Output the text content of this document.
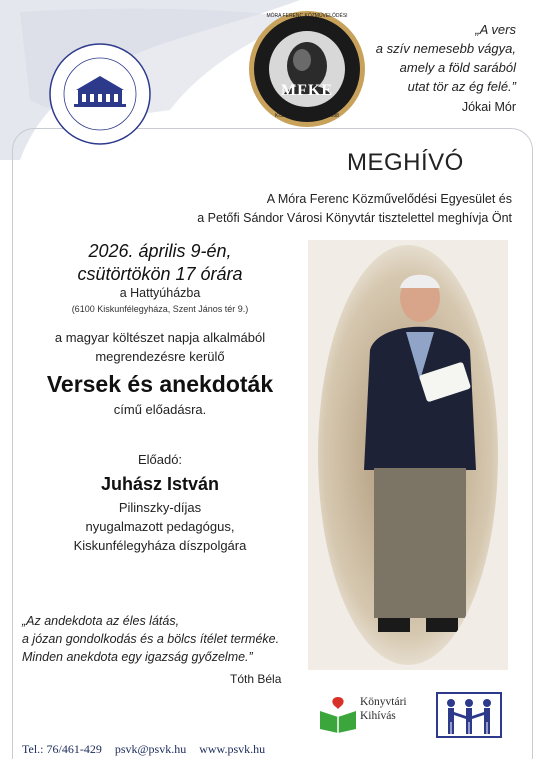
MFKE
MÓRA FERENC KÖZMŰVELŐDÉSI EGYESÜLET
KISKUNFÉLEGYHÁZA 1988
„A vers
a szív nemesebb vágya,
amely a föld sarából
utat tör az ég felé.”
Jókai Mór
MEGHÍVÓ
A Móra Ferenc Közművelődési Egyesület és
a Petőfi Sándor Városi Könyvtár tisztelettel meghívja Önt
2026. április 9-én,
csütörtökön 17 órára
a Hattyúházba
(6100 Kiskunfélegyháza, Szent János tér 9.)
a magyar költészet napja alkalmából
megrendezésre kerülő
Versek és anekdoták
című előadásra.
Előadó:
Juhász István
Pilinszky-díjas
nyugalmazott pedagógus,
Kiskunfélegyháza díszpolgára
„Az andekdota az éles látás,
a józan gondolkodás és a bölcs ítélet terméke.
Minden anekdota egy igazság győzelme.”
Tóth Béla
Könyvtári
Kihívás
Tel.: 76/461-429 psvk@psvk.hu www.psvk.hu
